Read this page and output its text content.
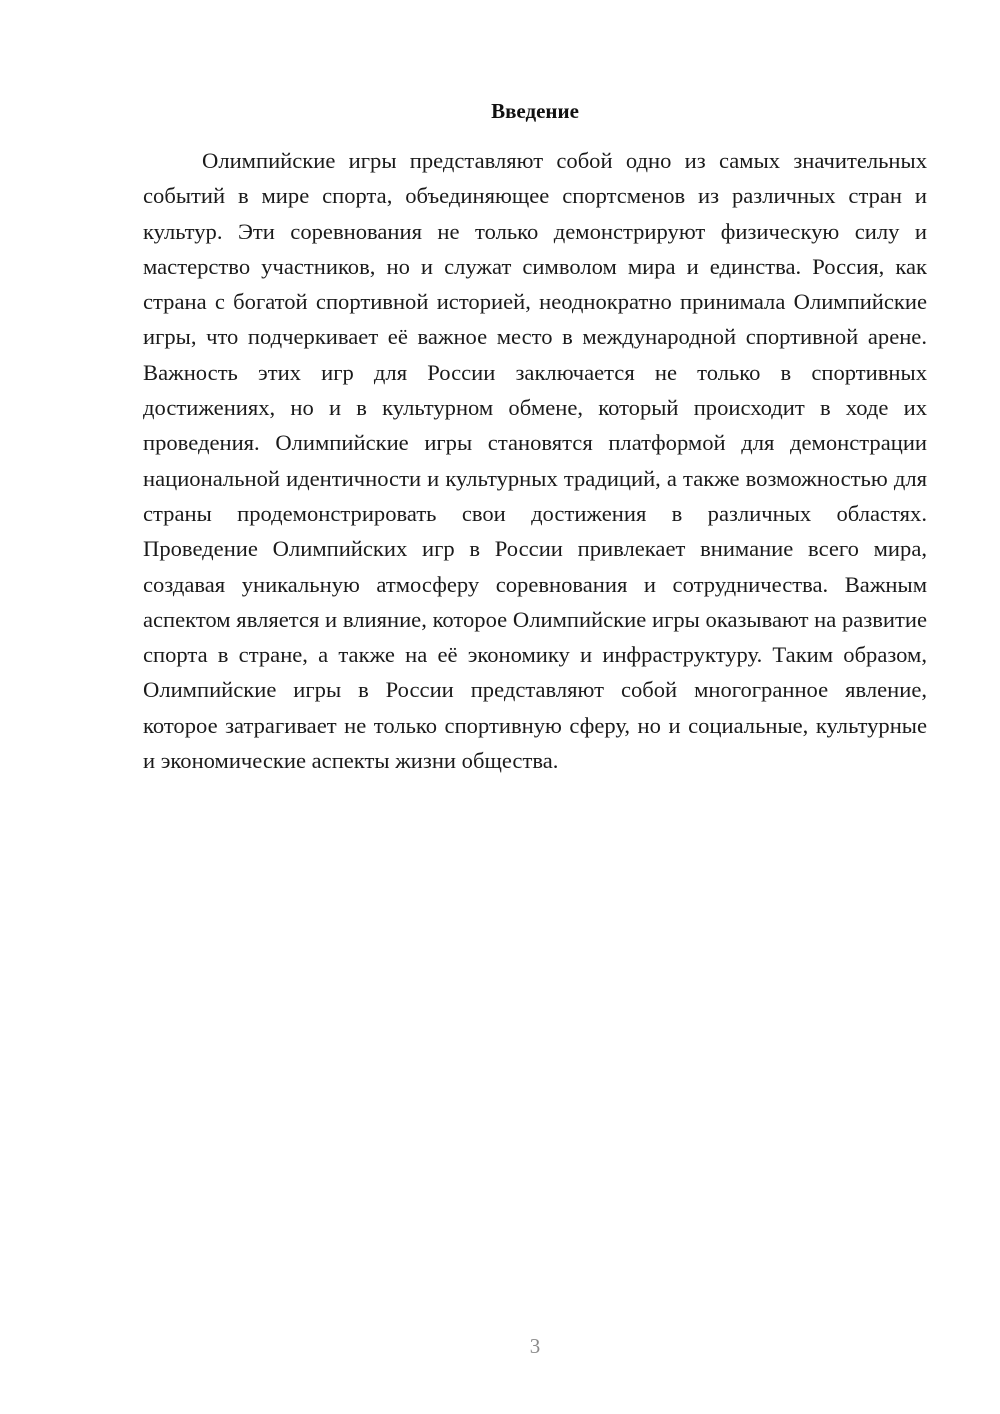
Введение

Олимпийские игры представляют собой одно из самых значительных событий в мире спорта, объединяющее спортсменов из различных стран и культур. Эти соревнования не только демонстрируют физическую силу и мастерство участников, но и служат символом мира и единства. Россия, как страна с богатой спортивной историей, неоднократно принимала Олимпийские игры, что подчеркивает её важное место в международной спортивной арене. Важность этих игр для России заключается не только в спортивных достижениях, но и в культурном обмене, который происходит в ходе их проведения. Олимпийские игры становятся платформой для демонстрации национальной идентичности и культурных традиций, а также возможностью для страны продемонстрировать свои достижения в различных областях. Проведение Олимпийских игр в России привлекает внимание всего мира, создавая уникальную атмосферу соревнования и сотрудничества. Важным аспектом является и влияние, которое Олимпийские игры оказывают на развитие спорта в стране, а также на её экономику и инфраструктуру. Таким образом, Олимпийские игры в России представляют собой многогранное явление, которое затрагивает не только спортивную сферу, но и социальные, культурные и экономические аспекты жизни общества.

3
